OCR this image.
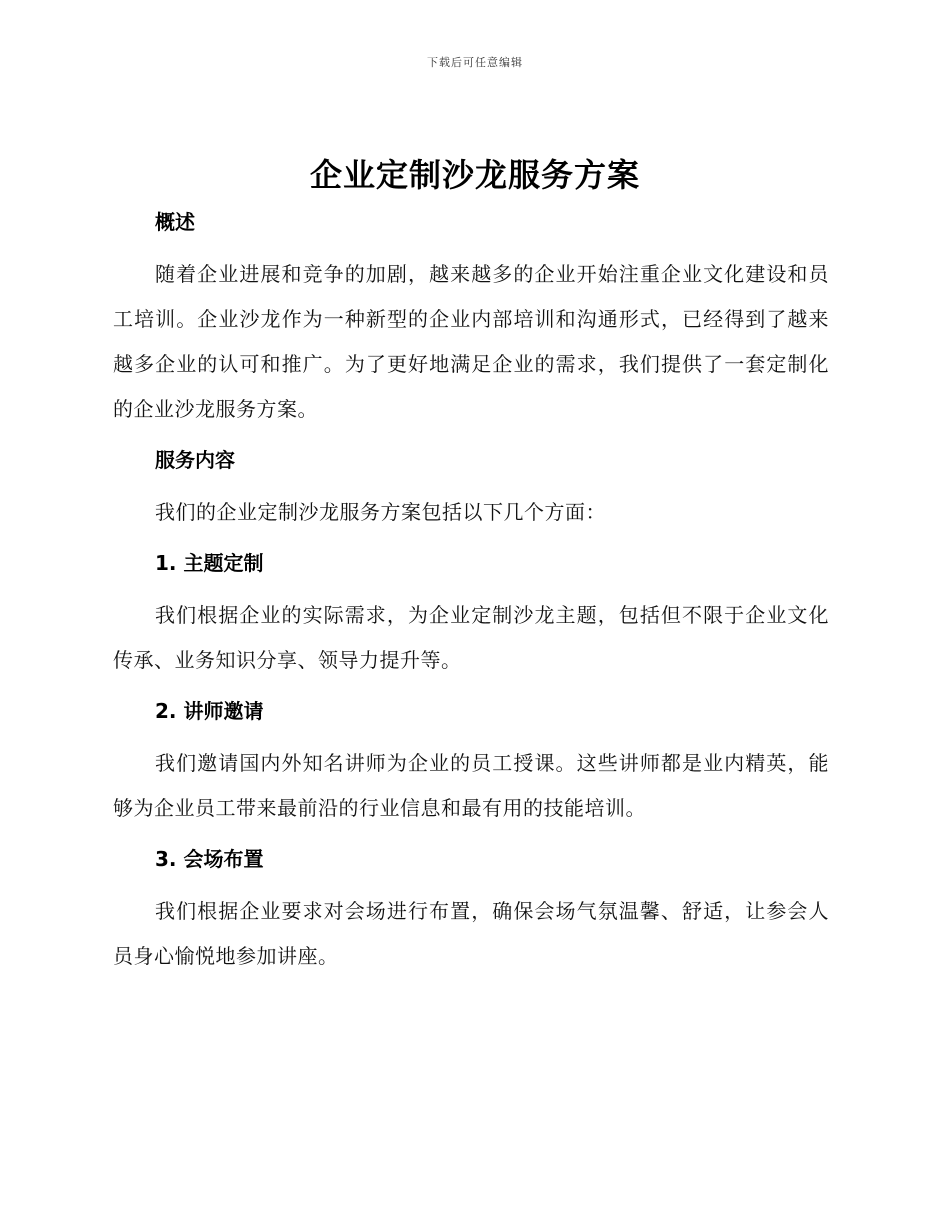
下载后可任意编辑
企业定制沙龙服务方案
概述

随着企业进展和竞争的加剧，越来越多的企业开始注重企业文化建设和员工培训。企业沙龙作为一种新型的企业内部培训和沟通形式，已经得到了越来越多企业的认可和推广。为了更好地满足企业的需求，我们提供了一套定制化的企业沙龙服务方案。

服务内容

我们的企业定制沙龙服务方案包括以下几个方面：

1. 主题定制

我们根据企业的实际需求，为企业定制沙龙主题，包括但不限于企业文化传承、业务知识分享、领导力提升等。

2. 讲师邀请

我们邀请国内外知名讲师为企业的员工授课。这些讲师都是业内精英，能够为企业员工带来最前沿的行业信息和最有用的技能培训。

3. 会场布置

我们根据企业要求对会场进行布置，确保会场气氛温馨、舒适，让参会人员身心愉悦地参加讲座。
